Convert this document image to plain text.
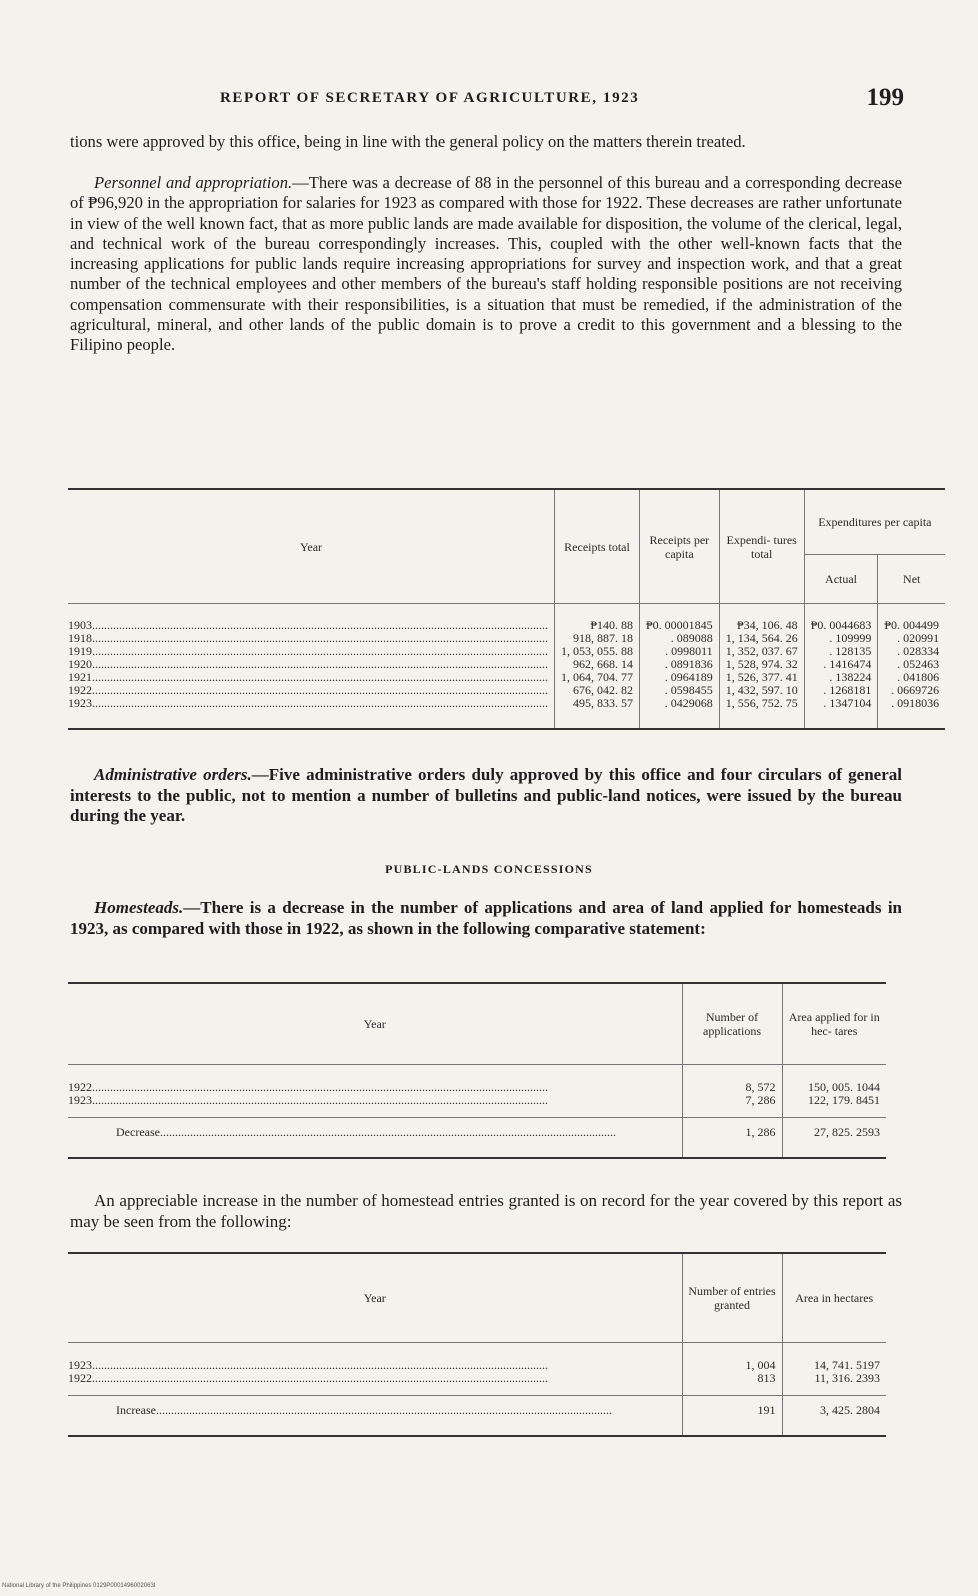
REPORT OF SECRETARY OF AGRICULTURE, 1923	199

tions were approved by this office, being in line with the general policy on the matters therein treated.

Personnel and appropriation.—There was a decrease of 88 in the personnel of this bureau and a corresponding decrease of ₱96,920 in the appropriation for salaries for 1923 as compared with those for 1922. These decreases are rather unfortunate in view of the well known fact, that as more public lands are made available for disposition, the volume of the clerical, legal, and technical work of the bureau correspondingly increases. This, coupled with the other well-known facts that the increasing applications for public lands require increasing appropriations for survey and inspection work, and that a great number of the technical employees and other members of the bureau's staff holding responsible positions are not receiving compensation commensurate with their responsibilities, is a situation that must be remedied, if the administration of the agricultural, mineral, and other lands of the public domain is to prove a credit to this government and a blessing to the Filipino people.

Year	Receipts total	Receipts per capita	Expendi- tures total	Expenditures per capita	
				Actual	Net

1903 .....	₱140. 88	₱0. 00001845	₱34, 106. 48	₱0. 0044683	₱0. 004499

1918 .....	918, 887. 18	. 089088	1, 134, 564. 26	. 109999	. 020991

1919 .....	1, 053, 055. 88	. 0998011	1, 352, 037. 67	. 128135	. 028334

1920 .....	962, 668. 14	. 0891836	1, 528, 974. 32	. 1416474	. 052463

1921 .....	1, 064, 704. 77	. 0964189	1, 526, 377. 41	. 138224	. 041806

1922 .....	676, 042. 82	. 0598455	1, 432, 597. 10	. 1268181	. 0669726

1923 .....	495, 833. 57	. 0429068	1, 556, 752. 75	. 1347104	. 0918036

Administrative orders.—Five administrative orders duly approved by this office and four circulars of general interests to the public, not to mention a number of bulletins and public-land notices, were issued by the bureau during the year.

PUBLIC-LANDS CONCESSIONS

Homesteads.—There is a decrease in the number of applications and area of land applied for homesteads in 1923, as compared with those in 1922, as shown in the following comparative statement:

Year	Number of applications	Area applied for in hec- tares

1922 .....	8, 572	150, 005. 1044

1923 .....	7, 286	122, 179. 8451

Decrease .....	1, 286	27, 825. 2593

An appreciable increase in the number of homestead entries granted is on record for the year covered by this report as may be seen from the following:

Year	Number of entries granted	Area in hectares

1923 .....	1, 004	14, 741. 5197

1922 .....	813	11, 316. 2393

Increase .....	191	3, 425. 2804
National Library of the Philippines 0129P0001496002063I
